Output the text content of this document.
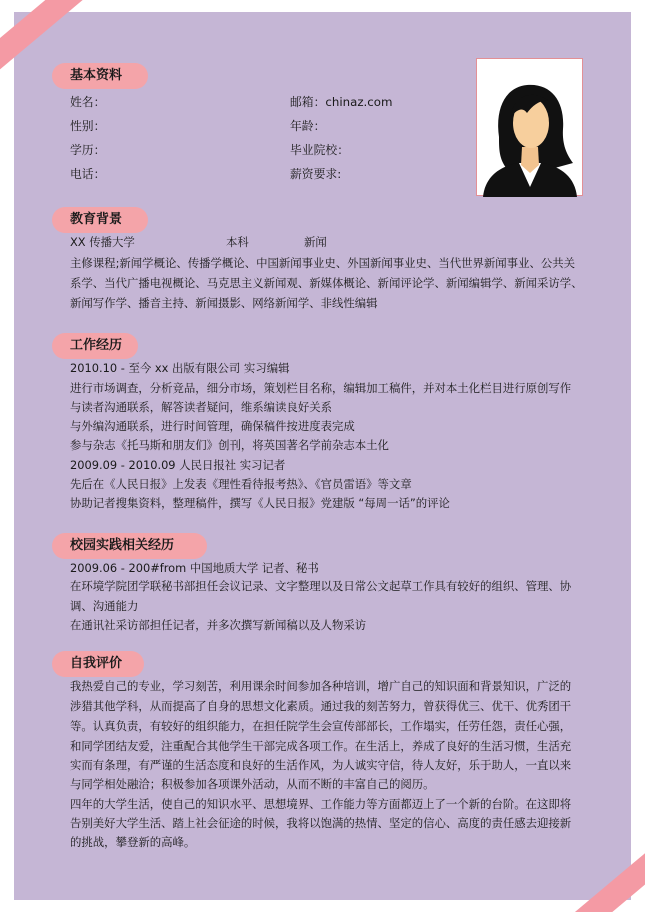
基本资料
姓名：
性别：
学历：
电话：
邮箱：chinaz.com
年龄：
毕业院校：
薪资要求:
教育背景
XX 传播大学	本科	新闻
主修课程;新闻学概论、传播学概论、中国新闻事业史、外国新闻事业史、当代世界新闻事业、公共关
系学、当代广播电视概论、马克思主义新闻观、新媒体概论、新闻评论学、新闻编辑学、新闻采访学、
新闻写作学、播音主持、新闻摄影、网络新闻学、非线性编辑
工作经历
2010.10 - 至今 xx 出版有限公司 实习编辑
进行市场调查，分析竞品，细分市场，策划栏目名称，编辑加工稿件，并对本土化栏目进行原创写作
与读者沟通联系，解答读者疑问，维系编读良好关系
与外编沟通联系，进行时间管理，确保稿件按进度表完成
参与杂志《托马斯和朋友们》创刊，将英国著名学前杂志本土化
2009.09 - 2010.09 人民日报社 实习记者
先后在《人民日报》上发表《理性看待报考热》、《官员雷语》等文章
协助记者搜集资料，整理稿件，撰写《人民日报》党建版 “每周一话”的评论
校园实践相关经历
2009.06 - 200#from 中国地质大学 记者、秘书
在环境学院团学联秘书部担任会议记录、文字整理以及日常公文起草工作具有较好的组织、管理、协
调、沟通能力
在通讯社采访部担任记者，并多次撰写新闻稿以及人物采访
自我评价
我热爱自己的专业，学习刻苦，利用课余时间参加各种培训，增广自己的知识面和背景知识，广泛的
涉猎其他学科，从而提高了自身的思想文化素质。通过我的刻苦努力，曾获得优三、优干、优秀团干
等。认真负责，有较好的组织能力，在担任院学生会宣传部部长，工作塌实，任劳任怨，责任心强，
和同学团结友爱，注重配合其他学生干部完成各项工作。在生活上，养成了良好的生活习惯，生活充
实而有条理，有严谨的生活态度和良好的生活作风，为人诚实守信，待人友好，乐于助人，一直以来
与同学相处融洽；积极参加各项课外活动，从而不断的丰富自己的阅历。
四年的大学生活，使自己的知识水平、思想境界、工作能力等方面都迈上了一个新的台阶。在这即将
告别美好大学生活、踏上社会征途的时候，我将以饱满的热情、坚定的信心、高度的责任感去迎接新
的挑战，攀登新的高峰。
